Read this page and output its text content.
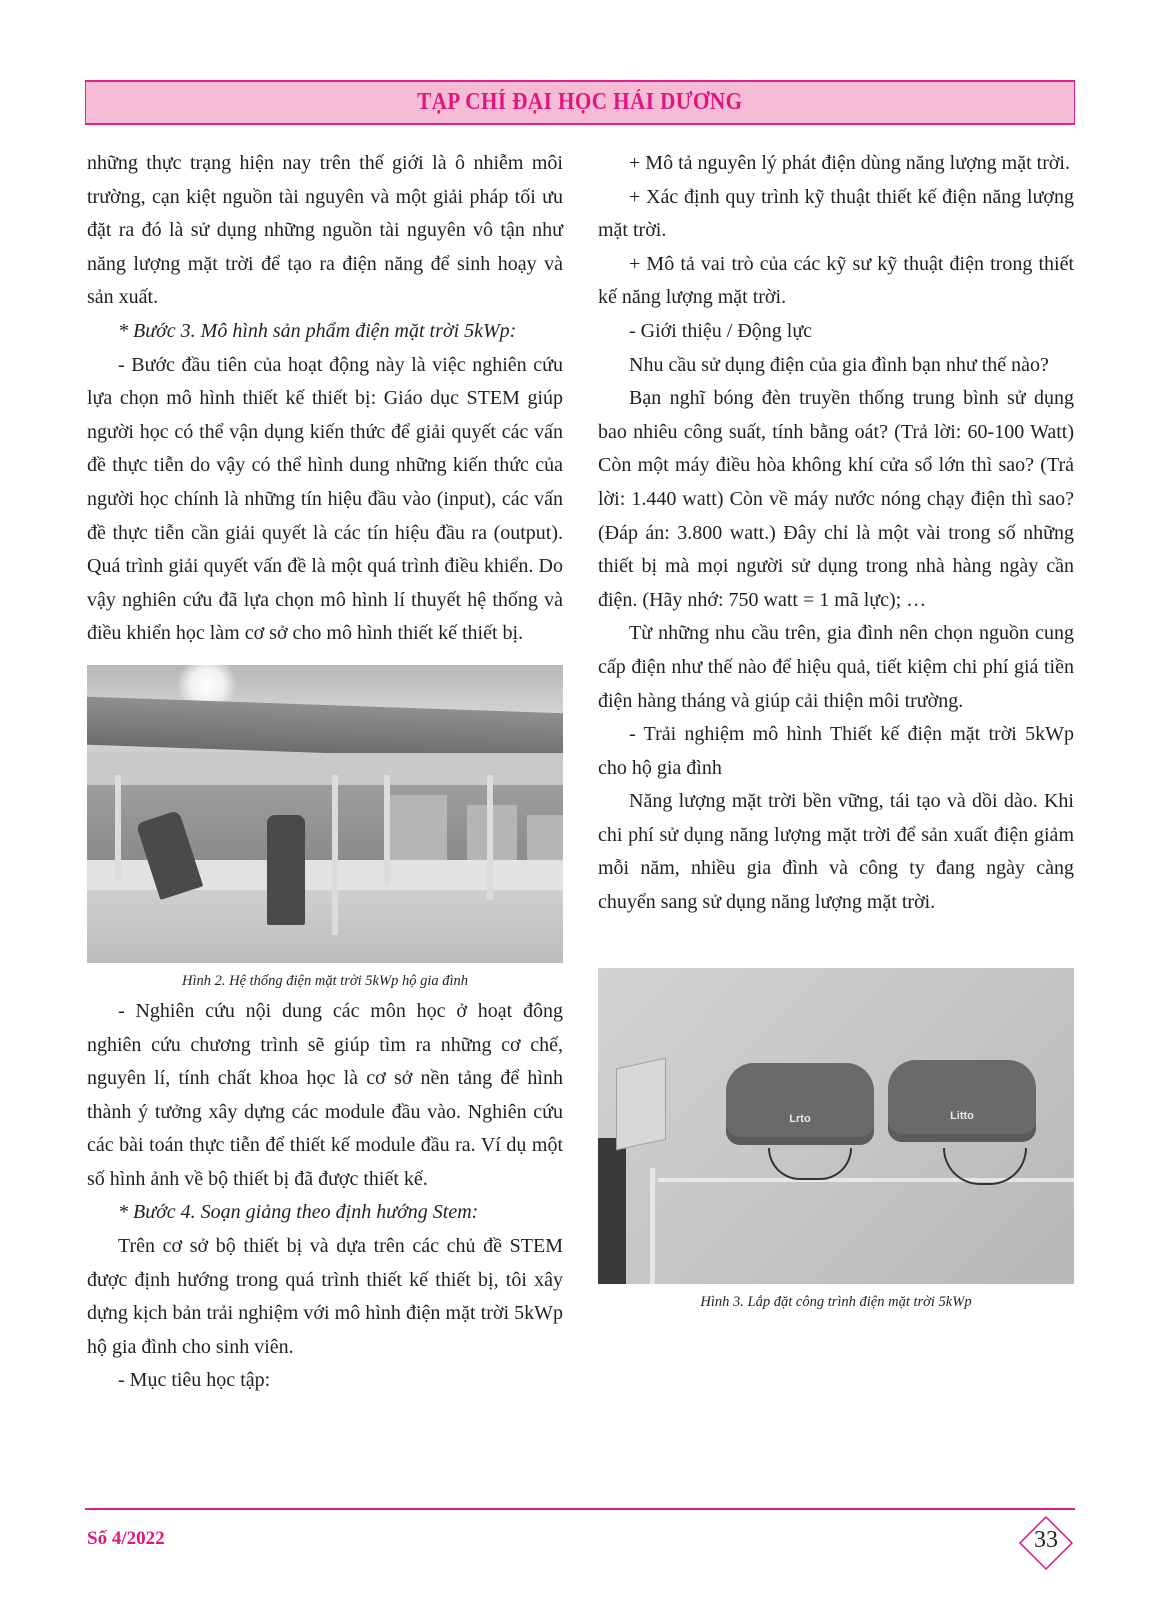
TẠP CHÍ ĐẠI HỌC HẢI DƯƠNG

những thực trạng hiện nay trên thế giới là ô nhiễm môi trường, cạn kiệt nguồn tài nguyên và một giải pháp tối ưu đặt ra đó là sử dụng những nguồn tài nguyên vô tận như năng lượng mặt trời để tạo ra điện năng để sinh hoạy và sản xuất.

* Bước 3. Mô hình sản phẩm điện mặt trời 5kWp:

- Bước đầu tiên của hoạt động này là việc nghiên cứu lựa chọn mô hình thiết kế thiết bị: Giáo dục STEM giúp người học có thể vận dụng kiến thức để giải quyết các vấn đề thực tiễn do vậy có thể hình dung những kiến thức của người học chính là những tín hiệu đầu vào (input), các vấn đề thực tiễn cần giải quyết là các tín hiệu đầu ra (output). Quá trình giải quyết vấn đề là một quá trình điều khiển. Do vậy nghiên cứu đã lựa chọn mô hình lí thuyết hệ thống và điều khiển học làm cơ sở cho mô hình thiết kế thiết bị.

Hình 2. Hệ thống điện mặt trời 5kWp hộ gia đình

- Nghiên cứu nội dung các môn học ở hoạt đông nghiên cứu chương trình sẽ giúp tìm ra những cơ chế, nguyên lí, tính chất khoa học là cơ sở nền tảng để hình thành ý tưởng xây dựng các module đầu vào. Nghiên cứu các bài toán thực tiễn để thiết kế module đầu ra. Ví dụ một số hình ảnh về bộ thiết bị đã được thiết kế.

* Bước 4. Soạn giảng theo định hướng Stem:

Trên cơ sở bộ thiết bị và dựa trên các chủ đề STEM được định hướng trong quá trình thiết kế thiết bị, tôi xây dựng kịch bản trải nghiệm với mô hình điện mặt trời 5kWp hộ gia đình cho sinh viên.

- Mục tiêu học tập:

+ Mô tả nguyên lý phát điện dùng năng lượng mặt trời.

+ Xác định quy trình kỹ thuật thiết kế điện năng lượng mặt trời.

+ Mô tả vai trò của các kỹ sư kỹ thuật điện trong thiết kế năng lượng mặt trời.

- Giới thiệu / Động lực

Nhu cầu sử dụng điện của gia đình bạn như thế nào?

Bạn nghĩ bóng đèn truyền thống trung bình sử dụng bao nhiêu công suất, tính bằng oát? (Trả lời: 60-100 Watt) Còn một máy điều hòa không khí cửa sổ lớn thì sao? (Trả lời: 1.440 watt) Còn về máy nước nóng chạy điện thì sao? (Đáp án: 3.800 watt.) Đây chỉ là một vài trong số những thiết bị mà mọi người sử dụng trong nhà hàng ngày cần điện. (Hãy nhớ: 750 watt = 1 mã lực); …

Từ những nhu cầu trên, gia đình nên chọn nguồn cung cấp điện như thế nào để hiệu quả, tiết kiệm chi phí giá tiền điện hàng tháng và giúp cải thiện môi trường.

- Trải nghiệm mô hình Thiết kế điện mặt trời 5kWp cho hộ gia đình

Năng lượng mặt trời bền vững, tái tạo và dồi dào. Khi chi phí sử dụng năng lượng mặt trời để sản xuất điện giảm mỗi năm, nhiều gia đình và công ty đang ngày càng chuyển sang sử dụng năng lượng mặt trời.

Lrto	Litto
Hình 3. Lắp đặt công trình điện mặt trời 5kWp
Số 4/2022	33
